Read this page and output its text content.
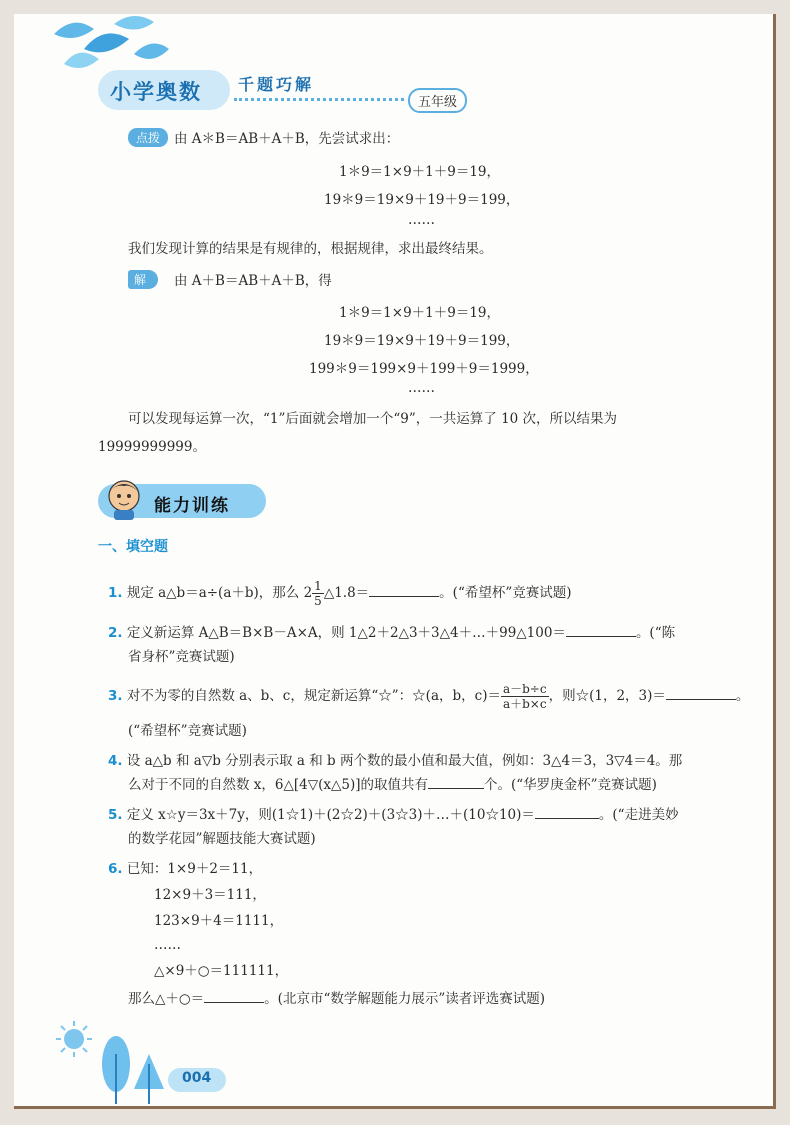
小学奥数 千题巧解
五年级
点拨	由 A＊B＝AB＋A＋B，先尝试求出：
1＊9＝1×9＋1＋9＝19，
19＊9＝19×9＋19＋9＝199，
……
我们发现计算的结果是有规律的，根据规律，求出最终结果。
解	由 A＋B＝AB＋A＋B，得
1＊9＝1×9＋1＋9＝19，
19＊9＝19×9＋19＋9＝199，
199＊9＝199×9＋199＋9＝1999，
……
可以发现每运算一次，“1”后面就会增加一个“9”，一共运算了 10 次，所以结果为
19999999999。
能力训练
一、填空题
1. 规定 a△b＝a÷(a＋b)，那么 $2 \frac{1}{5}$ △1.8＝	。(“希望杯”竞赛试题)
2. 定义新运算 A△B＝B×B－A×A，则 1△2＋2△3＋3△4＋…＋99△100＝	。(“陈
省身杯”竞赛试题)
3. 对不为零的自然数 a、b、c，规定新运算“☆”：☆(a，b，$c)= \frac{a-b\div c}{a+b\times c}$ ，则☆(1，2，3)＝	。
(“希望杯”竞赛试题)
4. 设 a△b 和 a▽b 分别表示取 a 和 b 两个数的最小值和最大值，例如：3△4＝3，3▽4＝4。那
么对于不同的自然数 x，6△[4▽(x△5)]的取值共有	个。(“华罗庚金杯”竞赛试题)
5. 定义 x☆y＝3x＋7y，则(1☆1)＋(2☆2)＋(3☆3)＋…＋(10☆10)＝	。(“走进美妙
的数学花园”解题技能大赛试题)
6. 已知：1×9＋2＝11，
12×9＋3＝111，
123×9＋4＝1111，
……
△×9＋○＝111111，
那么△＋○＝	。(北京市“数学解题能力展示”读者评选赛试题)
004
